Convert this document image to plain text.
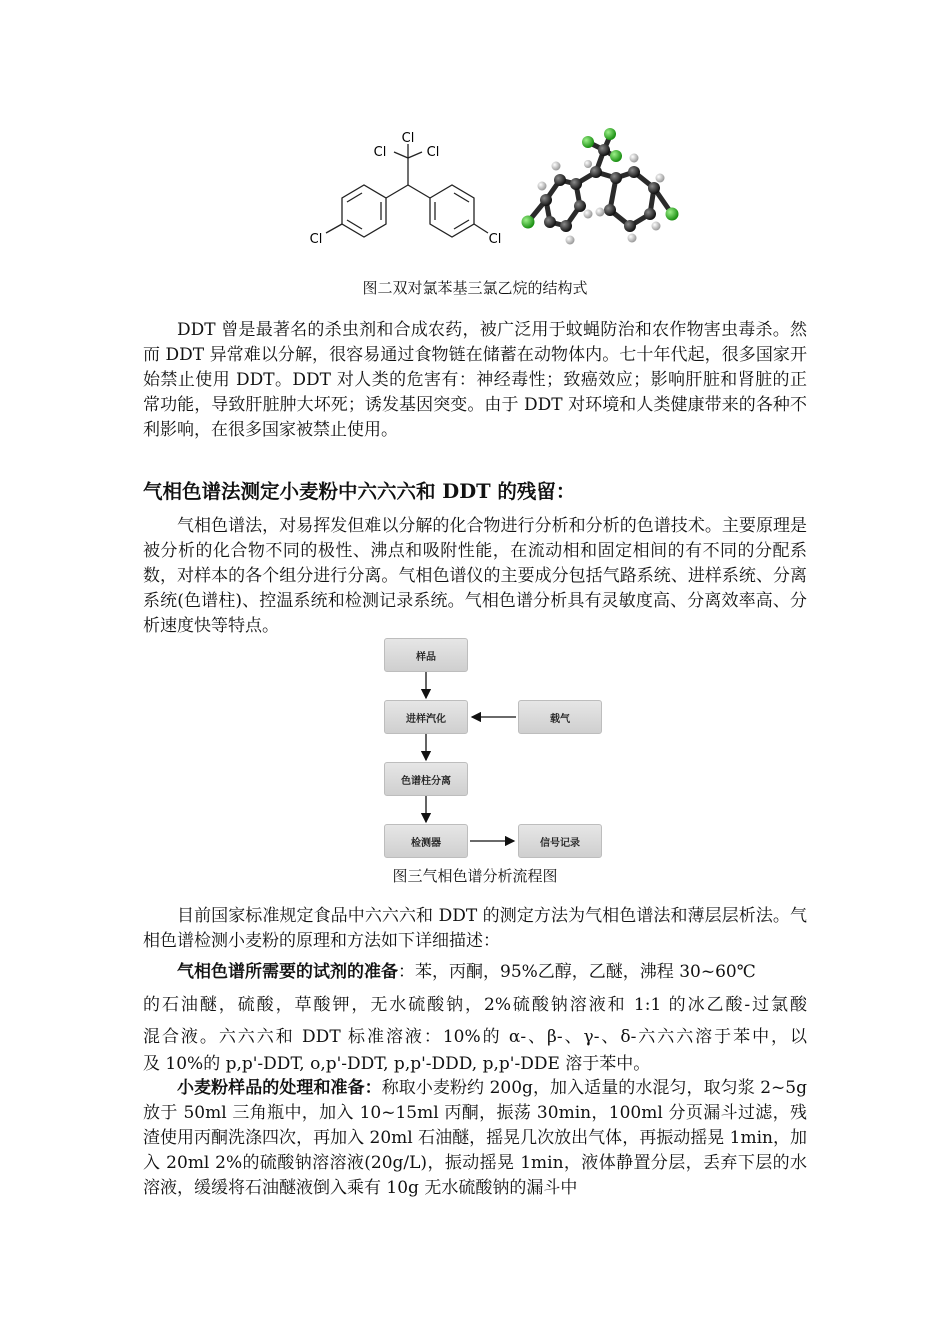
Cl
Cl	Cl
Cl	Cl
图二双对氯苯基三氯乙烷的结构式
DDT 曾是最著名的杀虫剂和合成农药，被广泛用于蚊蝇防治和农作物害虫毒杀。然而 DDT 异常难以分解，很容易通过食物链在储蓄在动物体内。七十年代起，很多国家开始禁止使用 DDT。DDT 对人类的危害有：神经毒性；致癌效应；影响肝脏和肾脏的正常功能，导致肝脏肿大坏死；诱发基因突变。由于 DDT 对环境和人类健康带来的各种不利影响，在很多国家被禁止使用。
气相色谱法测定小麦粉中六六六和 DDT 的残留：
气相色谱法，对易挥发但难以分解的化合物进行分析和分析的色谱技术。主要原理是被分析的化合物不同的极性、沸点和吸附性能，在流动相和固定相间的有不同的分配系数，对样本的各个组分进行分离。气相色谱仪的主要成分包括气路系统、进样系统、分离系统(色谱柱)、控温系统和检测记录系统。气相色谱分析具有灵敏度高、分离效率高、分析速度快等特点。
样品
进样汽化	载气
色谱柱分离
检测器	信号记录
图三气相色谱分析流程图
目前国家标准规定食品中六六六和 DDT 的测定方法为气相色谱法和薄层层析法。气相色谱检测小麦粉的原理和方法如下详细描述：
气相色谱所需要的试剂的准备：苯，丙酮，95%乙醇，乙醚，沸程 30~60℃
的石油醚，硫酸，草酸钾，无水硫酸钠，2%硫酸钠溶液和 1:1 的冰乙酸-过氯酸
混合液。六六六和 DDT 标准溶液：10%的 α-、β-、γ-、δ-六六六溶于苯中，以
及 10%的 p,p'-DDT, o,p'-DDT, p,p'-DDD, p,p'-DDE 溶于苯中。
小麦粉样品的处理和准备：称取小麦粉约 200g，加入适量的水混匀，取匀浆 2~5g 放于 50ml 三角瓶中，加入 10~15ml 丙酮，振荡 30min，100ml 分页漏斗过滤，残渣使用丙酮洗涤四次，再加入 20ml 石油醚，摇晃几次放出气体，再振动摇晃 1min，加入 20ml 2%的硫酸钠溶溶液(20g/L)，振动摇晃 1min，液体静置分层，丢弃下层的水溶液，缓缓将石油醚液倒入乘有 10g 无水硫酸钠的漏斗中
